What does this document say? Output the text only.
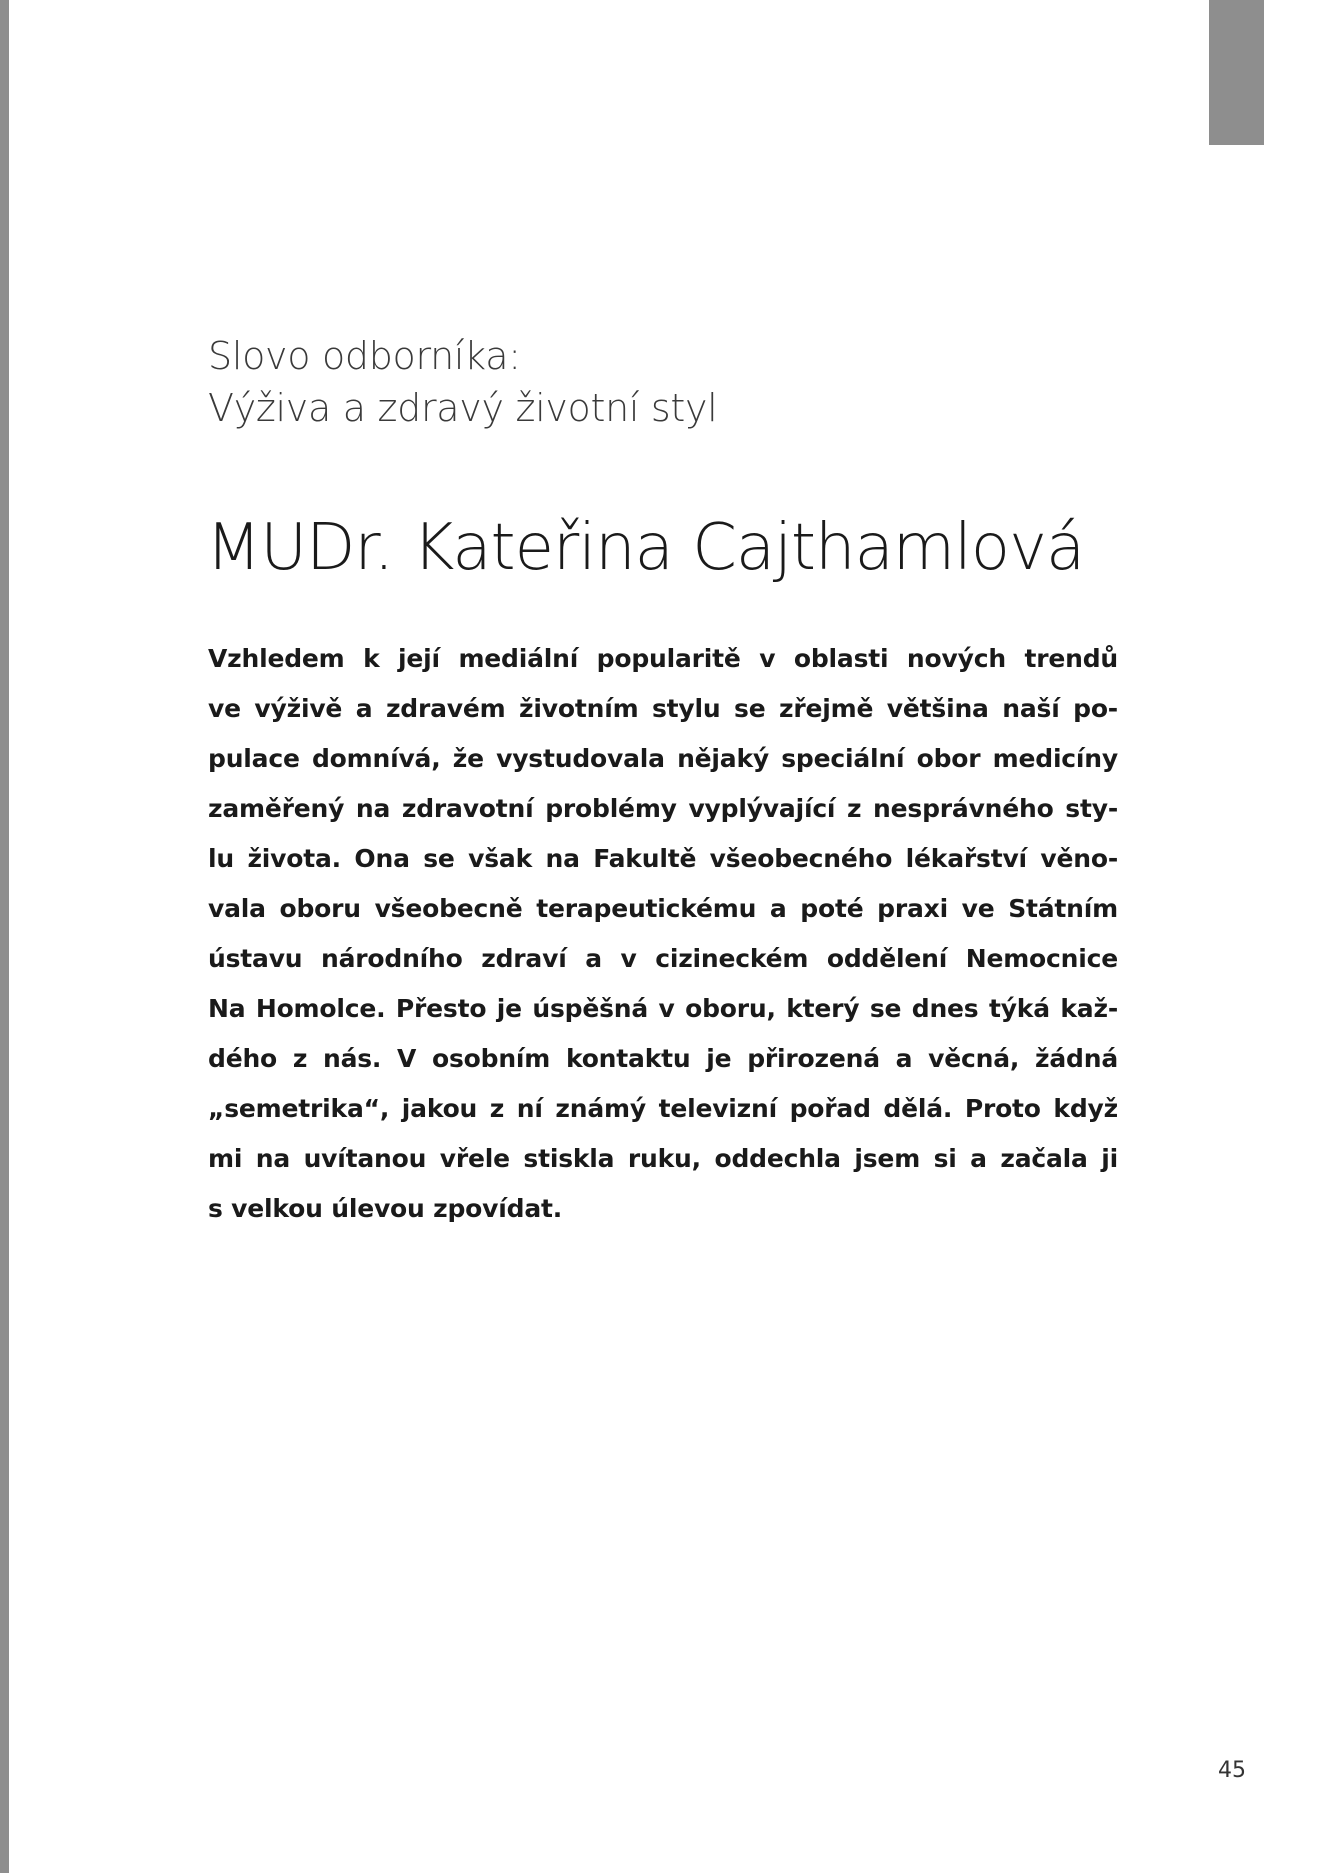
Slovo odborníka:
Výživa a zdravý životní styl
MUDr. Kateřina Cajthamlová
Vzhledem k její mediální popularitě v oblasti nových trendů
ve výživě a zdravém životním stylu se zřejmě většina naší po-
pulace domnívá, že vystudovala nějaký speciální obor medicíny
zaměřený na zdravotní problémy vyplývající z nesprávného sty-
lu života. Ona se však na Fakultě všeobecného lékařství věno-
vala oboru všeobecně terapeutickému a poté praxi ve Státním
ústavu národního zdraví a v cizineckém oddělení Nemocnice
Na Homolce. Přesto je úspěšná v oboru, který se dnes týká kaž-
dého z nás. V osobním kontaktu je přirozená a věcná, žádná
„semetrika“, jakou z ní známý televizní pořad dělá. Proto když
mi na uvítanou vřele stiskla ruku, oddechla jsem si a začala ji
s velkou úlevou zpovídat.
45
